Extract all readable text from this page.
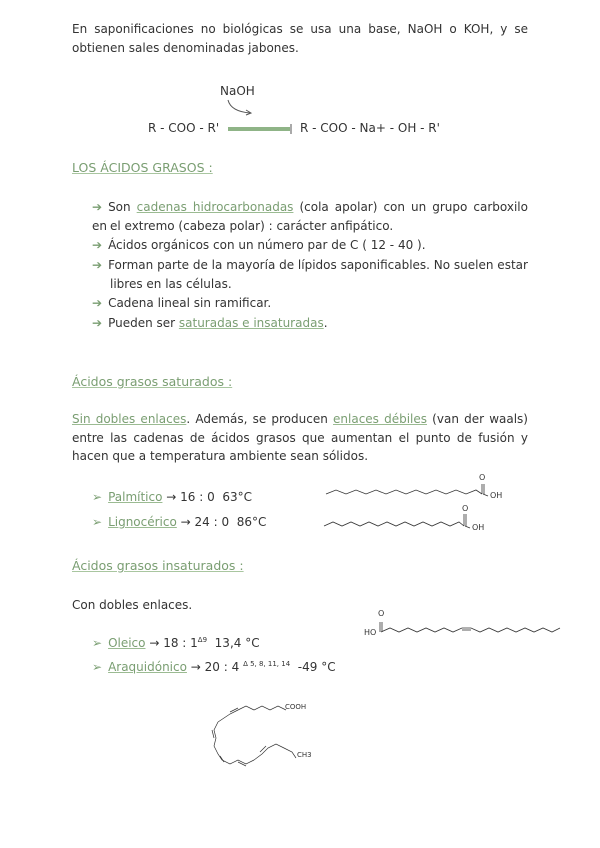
En saponificaciones no biológicas se usa una base, NaOH o KOH, y se obtienen sales denominadas jabones.
NaOH
R - COO - R'	R - COO - Na+ - OH - R'
LOS ÁCIDOS GRASOS :
➔ Son cadenas hidrocarbonadas (cola apolar) con un grupo carboxilo en el extremo (cabeza polar) : carácter anfipático.
➔ Ácidos orgánicos con un número par de C ( 12 - 40 ).
➔ Forman parte de la mayoría de lípidos saponificables. No suelen estar
libres en las células.
➔ Cadena lineal sin ramificar.
➔ Pueden ser saturadas e insaturadas.
Ácidos grasos saturados :
Sin dobles enlaces. Además, se producen enlaces débiles (van der waals) entre las cadenas de ácidos grasos que aumentan el punto de fusión y hacen que a temperatura ambiente sean sólidos.
➢ Palmítico → 16 : 0 63°C
➢ Lignocérico → 24 : 0 86°C
O
OH
O
OH
Ácidos grasos insaturados :
Con dobles enlaces.
➢ Oleico → 18 : $1^{\Delta 9}$ 13,4 °C
➢ Araquidónico → 20 : 4 $^{\Delta 5, 8, 11, 14}$ -49 °C
O
HO
COOH
CH3
